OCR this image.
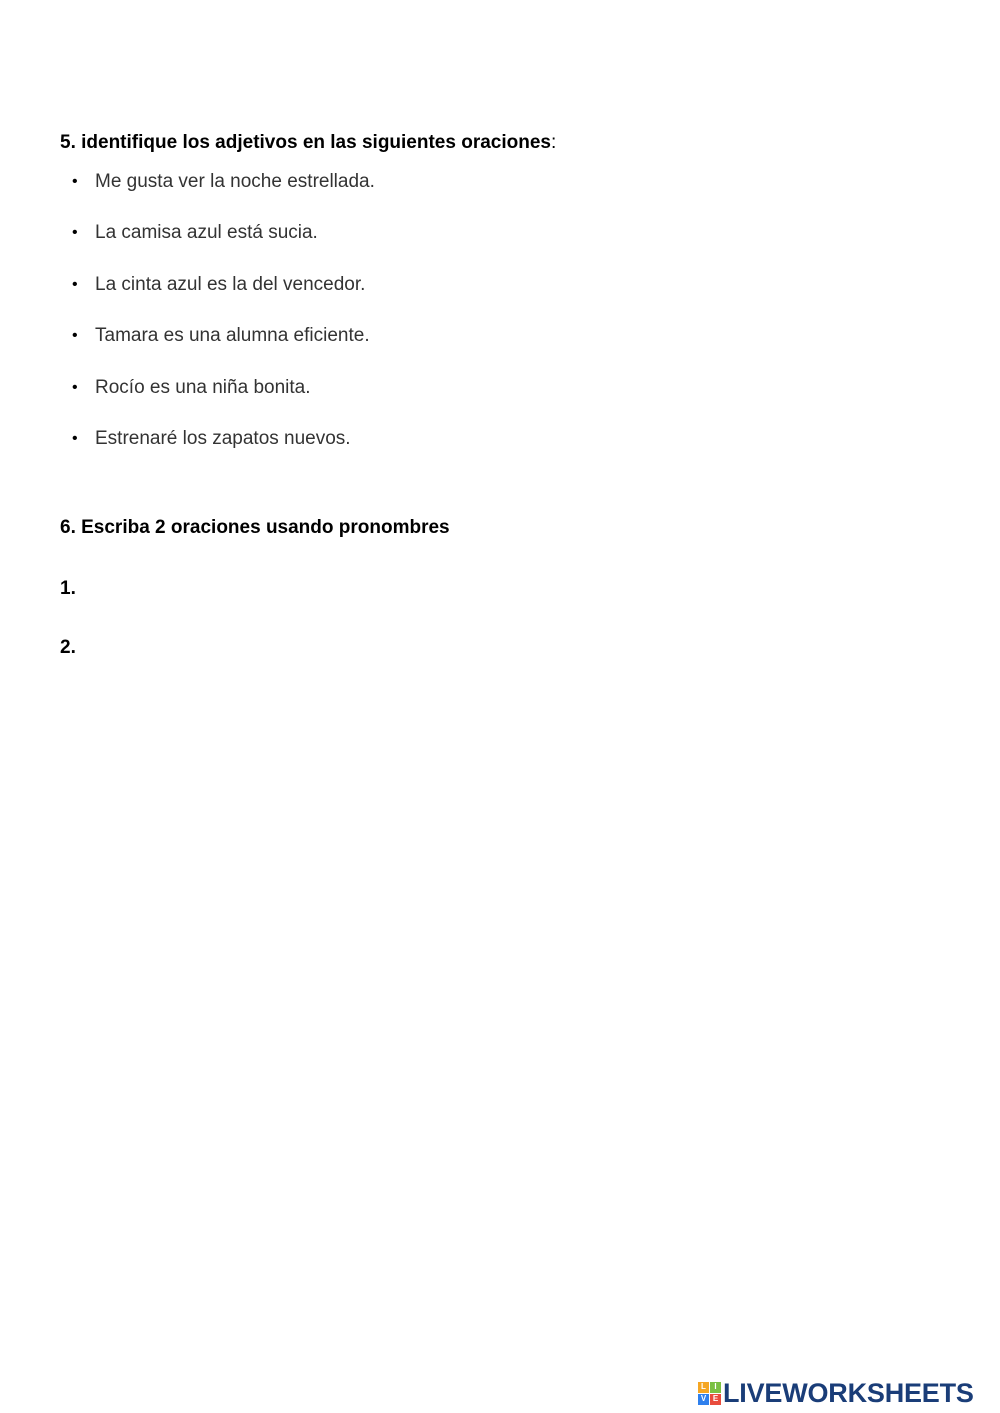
5. identifique los adjetivos en las siguientes oraciones:
• Me gusta ver la noche estrellada.
• La camisa azul está sucia.
• La cinta azul es la del vencedor.
• Tamara es una alumna eficiente.
• Rocío es una niña bonita.
• Estrenaré los zapatos nuevos.
6. Escriba 2 oraciones usando pronombres
1.
2.
L	I
V E LIVEWORKSHEETS
